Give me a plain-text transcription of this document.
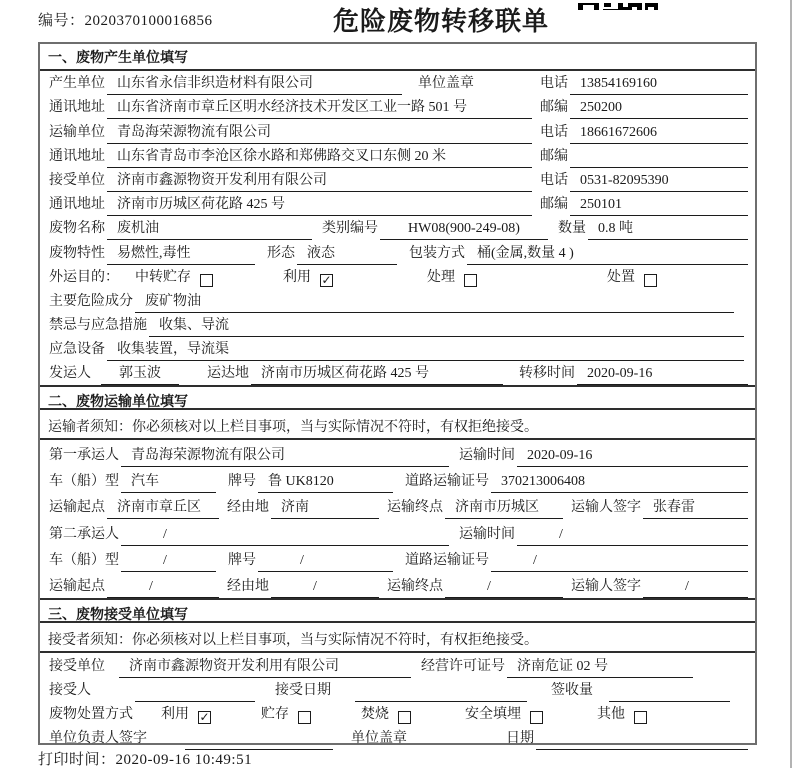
编号：2020370100016856	危险废物转移联单
一、废物产生单位填写
产生单位 山东省永信非织造材料有限公司	单位盖章	电话 13854169160
通讯地址 山东省济南市章丘区明水经济技术开发区工业一路 501 号	邮编 250200
运输单位 青岛海荣源物流有限公司	电话 18661672606
通讯地址 山东省青岛市李沧区徐水路和郑佛路交叉口东侧 20 米	邮编
接受单位 济南市鑫源物资开发利用有限公司	电话 0531-82095390
通讯地址 济南市历城区荷花路 425 号	邮编 250101
废物名称 废机油	类别编号	HW08(900-249-08)	数量 0.8 吨
废物特性 易燃性,毒性	形态 液态	包装方式 桶(金属,数量 4 )
外运目的： 中转贮存	利用 ✓	处理	处置
主要危险成分 废矿物油
禁忌与应急措施 收集、导流
应急设备 收集装置，导流渠
发运人	郭玉波	运达地 济南市历城区荷花路 425 号	转移时间 2020-09-16
二、废物运输单位填写
运输者须知：你必须核对以上栏目事项，当与实际情况不符时，有权拒绝接受。
第一承运人 青岛海荣源物流有限公司	运输时间 2020-09-16
车（船）型 汽车	牌号 鲁 UK8120	道路运输证号 370213006408
运输起点 济南市章丘区	经由地 济南	运输终点 济南市历城区	运输人签字 张春雷
第二承运人	/	运输时间	/
车（船）型	/	牌号	/	道路运输证号	/
运输起点	/	经由地	/	运输终点	/	运输人签字	/
三、废物接受单位填写
接受者须知：你必须核对以上栏目事项，当与实际情况不符时，有权拒绝接受。
接受单位	济南市鑫源物资开发利用有限公司	经营许可证号 济南危证 02 号
接受人	接受日期	签收量
废物处置方式 利用 ✓	贮存	焚烧	安全填埋	其他
单位负责人签字	单位盖章	日期
打印时间：2020-09-16 10:49:51
